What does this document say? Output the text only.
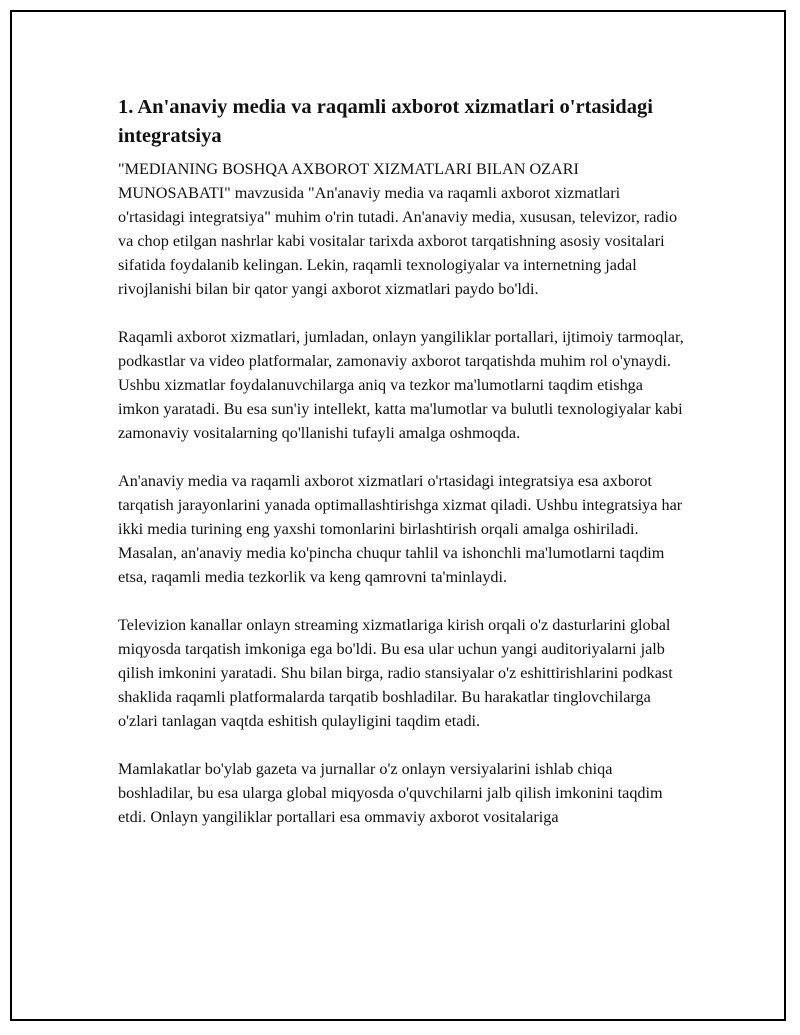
1. An'anaviy media va raqamli axborot xizmatlari o'rtasidagi integratsiya

"MEDIANING BOSHQA AXBOROT XIZMATLARI BILAN OZARI MUNOSABATI" mavzusida "An'anaviy media va raqamli axborot xizmatlari o'rtasidagi integratsiya" muhim o'rin tutadi. An'anaviy media, xususan, televizor, radio va chop etilgan nashrlar kabi vositalar tarixda axborot tarqatishning asosiy vositalari sifatida foydalanib kelingan. Lekin, raqamli texnologiyalar va internetning jadal rivojlanishi bilan bir qator yangi axborot xizmatlari paydo bo'ldi.

Raqamli axborot xizmatlari, jumladan, onlayn yangiliklar portallari, ijtimoiy tarmoqlar, podkastlar va video platformalar, zamonaviy axborot tarqatishda muhim rol o'ynaydi. Ushbu xizmatlar foydalanuvchilarga aniq va tezkor ma'lumotlarni taqdim etishga imkon yaratadi. Bu esa sun'iy intellekt, katta ma'lumotlar va bulutli texnologiyalar kabi zamonaviy vositalarning qo'llanishi tufayli amalga oshmoqda.

An'anaviy media va raqamli axborot xizmatlari o'rtasidagi integratsiya esa axborot tarqatish jarayonlarini yanada optimallashtirishga xizmat qiladi. Ushbu integratsiya har ikki media turining eng yaxshi tomonlarini birlashtirish orqali amalga oshiriladi. Masalan, an'anaviy media ko'pincha chuqur tahlil va ishonchli ma'lumotlarni taqdim etsa, raqamli media tezkorlik va keng qamrovni ta'minlaydi.

Televizion kanallar onlayn streaming xizmatlariga kirish orqali o'z dasturlarini global miqyosda tarqatish imkoniga ega bo'ldi. Bu esa ular uchun yangi auditoriyalarni jalb qilish imkonini yaratadi. Shu bilan birga, radio stansiyalar o'z eshittirishlarini podkast shaklida raqamli platformalarda tarqatib boshladilar. Bu harakatlar tinglovchilarga o'zlari tanlagan vaqtda eshitish qulayligini taqdim etadi.

Mamlakatlar bo'ylab gazeta va jurnallar o'z onlayn versiyalarini ishlab chiqa boshladilar, bu esa ularga global miqyosda o'quvchilarni jalb qilish imkonini taqdim etdi. Onlayn yangiliklar portallari esa ommaviy axborot vositalariga
